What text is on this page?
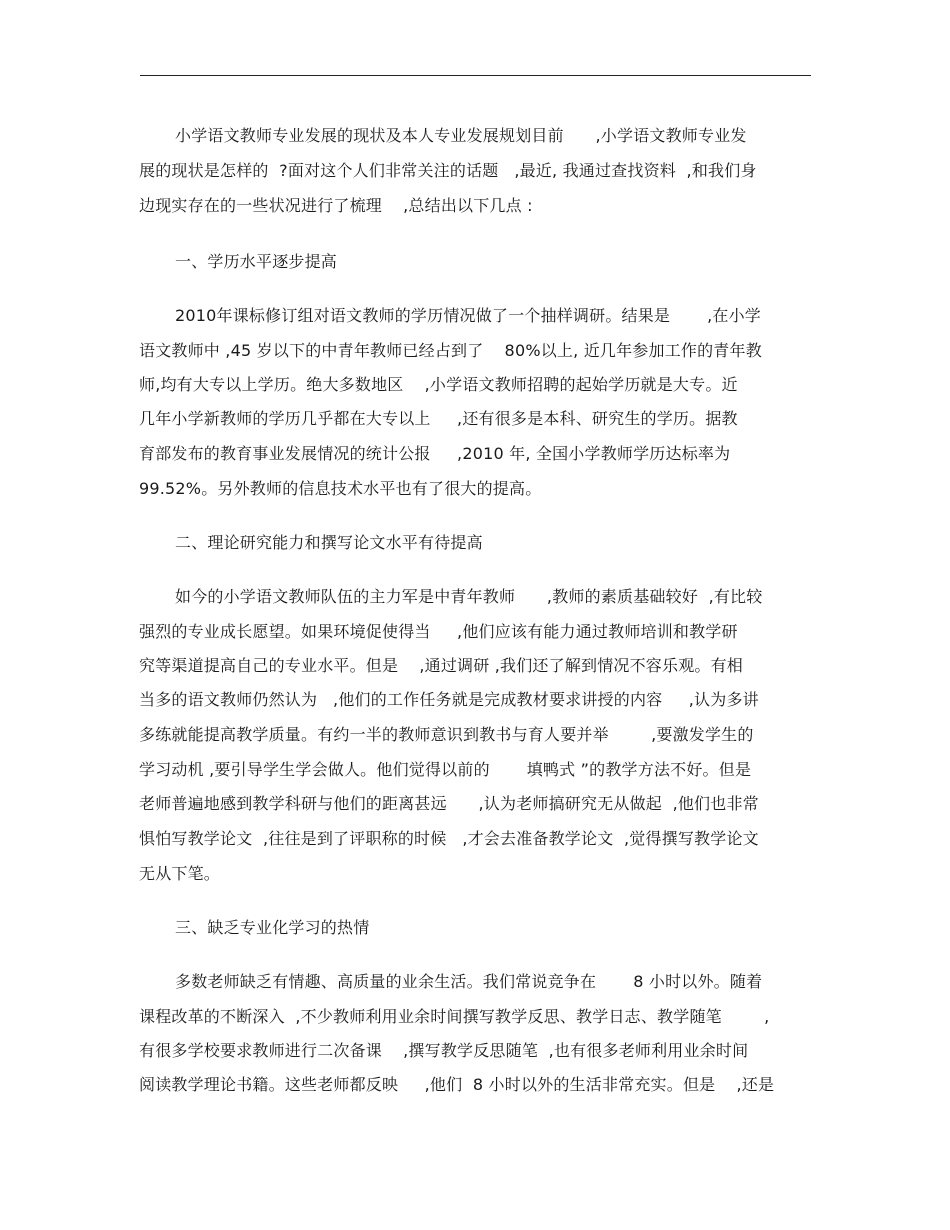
小学语文教师专业发展的现状及本人专业发展规划目前      ,小学语文教师专业发
展的现状是怎样的  ?面对这个人们非常关注的话题   ,最近, 我通过查找资料  ,和我们身
边现实存在的一些状况进行了梳理    ,总结出以下几点 :
一、学历水平逐步提高
2010年课标修订组对语文教师的学历情况做了一个抽样调研。结果是       ,在小学
语文教师中 ,45 岁以下的中青年教师已经占到了    80%以上, 近几年参加工作的青年教
师,均有大专以上学历。绝大多数地区    ,小学语文教师招聘的起始学历就是大专。近
几年小学新教师的学历几乎都在大专以上     ,还有很多是本科、研究生的学历。据教
育部发布的教育事业发展情况的统计公报     ,2010 年, 全国小学教师学历达标率为
99.52%。另外教师的信息技术水平也有了很大的提高。
二、理论研究能力和撰写论文水平有待提高
如今的小学语文教师队伍的主力军是中青年教师      ,教师的素质基础较好  ,有比较
强烈的专业成长愿望。如果环境促使得当     ,他们应该有能力通过教师培训和教学研
究等渠道提高自己的专业水平。但是    ,通过调研 ,我们还了解到情况不容乐观。有相
当多的语文教师仍然认为   ,他们的工作任务就是完成教材要求讲授的内容     ,认为多讲
多练就能提高教学质量。有约一半的教师意识到教书与育人要并举        ,要激发学生的
学习动机 ,要引导学生学会做人。他们觉得以前的       填鸭式 ”的教学方法不好。但是
老师普遍地感到教学科研与他们的距离甚远      ,认为老师搞研究无从做起  ,他们也非常
惧怕写教学论文  ,往往是到了评职称的时候   ,才会去准备教学论文  ,觉得撰写教学论文
无从下笔。
三、缺乏专业化学习的热情
多数老师缺乏有情趣、高质量的业余生活。我们常说竞争在       8 小时以外。随着
课程改革的不断深入  ,不少教师利用业余时间撰写教学反思、教学日志、教学随笔        ,
有很多学校要求教师进行二次备课    ,撰写教学反思随笔  ,也有很多老师利用业余时间
阅读教学理论书籍。这些老师都反映     ,他们  8 小时以外的生活非常充实。但是    ,还是
